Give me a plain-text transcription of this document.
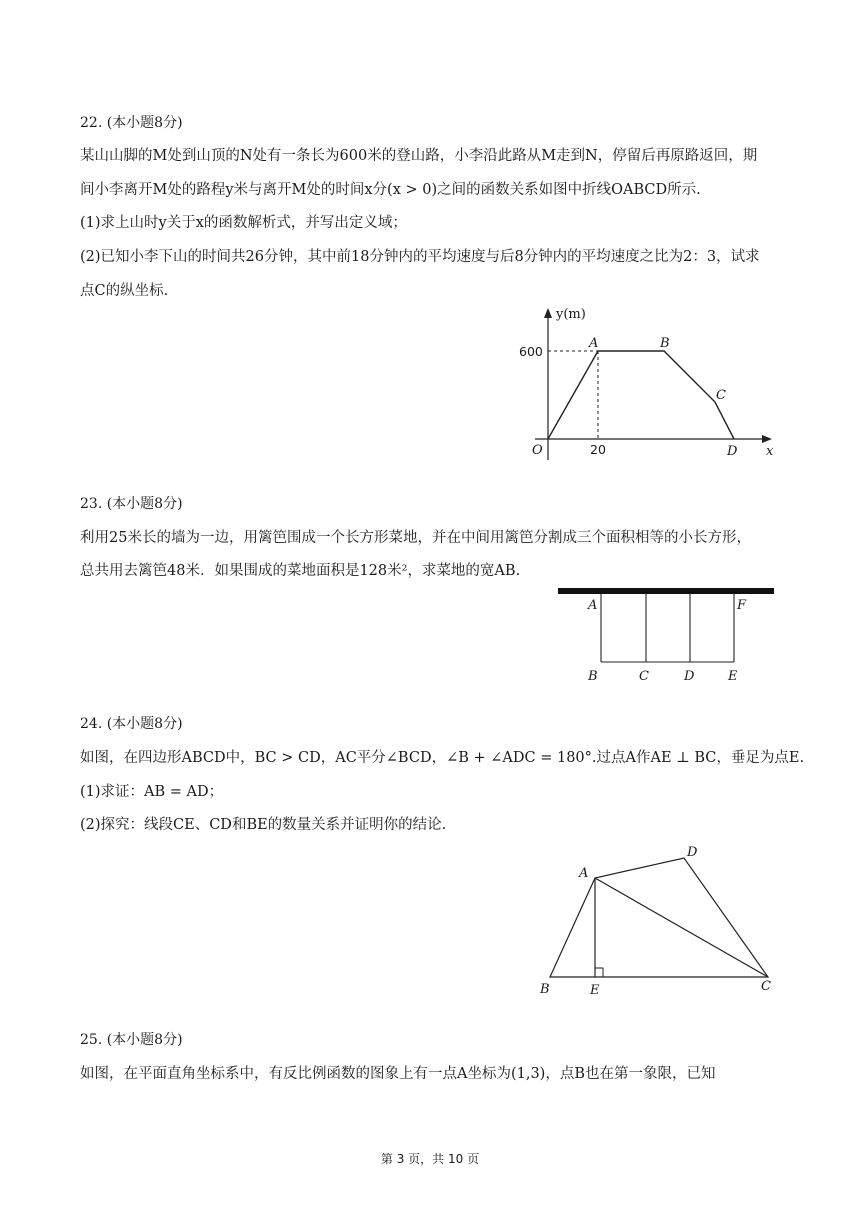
22. (本小题8分)
某山山脚的M处到山顶的N处有一条长为600米的登山路，小李沿此路从M走到N，停留后再原路返回，期
间小李离开M处的路程y米与离开M处的时间x分(x > 0)之间的函数关系如图中折线OABCD所示.
(1)求上山时y关于x的函数解析式，并写出定义域；
(2)已知小李下山的时间共26分钟，其中前18分钟内的平均速度与后8分钟内的平均速度之比为2：3，试求
点C的纵坐标.
y(m)
x
600
20
O
A	B
C
D
23. (本小题8分)
利用25米长的墙为一边，用篱笆围成一个长方形菜地，并在中间用篱笆分割成三个面积相等的小长方形，
总共用去篱笆48米．如果围成的菜地面积是128米²，求菜地的宽AB.
A	F
B	C	D	E
24. (本小题8分)
如图，在四边形ABCD中，BC > CD，AC平分∠BCD，∠B + ∠ADC = 180°.过点A作AE ⊥ BC，垂足为点E.
(1)求证：AB = AD；
(2)探究：线段CE、CD和BE的数量关系并证明你的结论.
A
D
B	E	C
25. (本小题8分)
如图，在平面直角坐标系中，有反比例函数的图象上有一点A坐标为(1,3)，点B也在第一象限，已知
第 3 页，共 10 页
